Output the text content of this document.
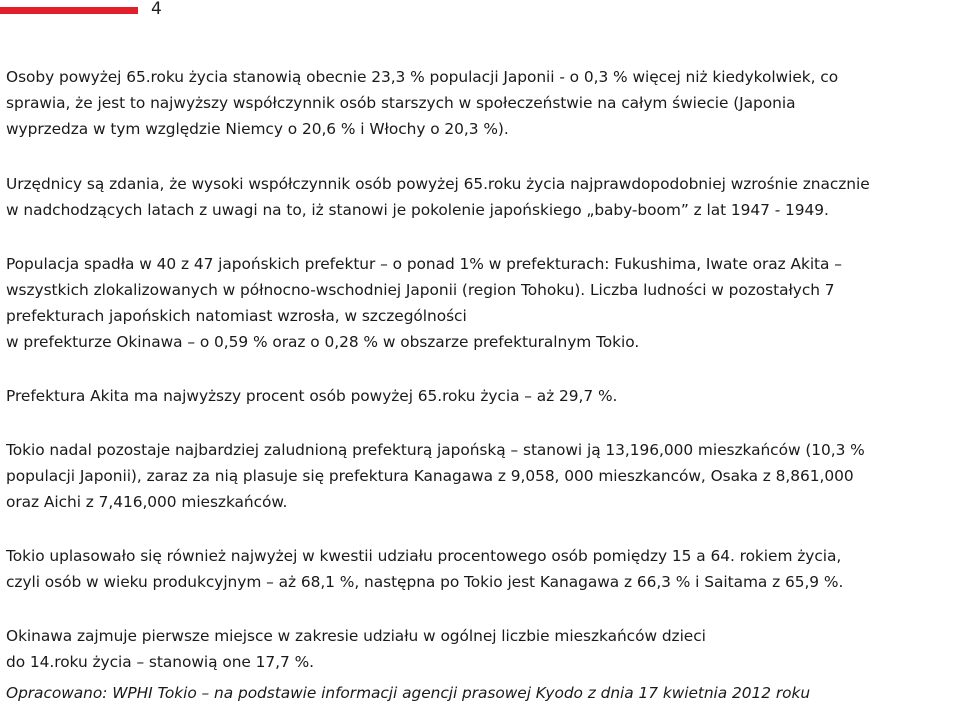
4

Osoby powyżej 65.roku życia stanowią obecnie 23,3 % populacji Japonii - o 0,3 % więcej niż kiedykolwiek, co
sprawia, że jest to najwyższy współczynnik osób starszych w społeczeństwie na całym świecie (Japonia
wyprzedza w tym względzie Niemcy o 20,6 % i Włochy o 20,3 %).

Urzędnicy są zdania, że wysoki współczynnik osób powyżej 65.roku życia najprawdopodobniej wzrośnie znacznie
w nadchodzących latach z uwagi na to, iż stanowi je pokolenie japońskiego „baby-boom” z lat 1947 - 1949.

Populacja spadła w 40 z 47 japońskich prefektur – o ponad 1% w prefekturach: Fukushima, Iwate oraz Akita –
wszystkich zlokalizowanych w północno-wschodniej Japonii (region Tohoku). Liczba ludności w pozostałych 7
prefekturach japońskich natomiast wzrosła, w szczególności
w prefekturze Okinawa – o 0,59 % oraz o 0,28 % w obszarze prefekturalnym Tokio.

Prefektura Akita ma najwyższy procent osób powyżej 65.roku życia – aż 29,7 %.

Tokio nadal pozostaje najbardziej zaludnioną prefekturą japońską – stanowi ją 13,196,000 mieszkańców (10,3 %
populacji Japonii), zaraz za nią plasuje się prefektura Kanagawa z 9,058, 000 mieszkanców, Osaka z 8,861,000
oraz Aichi z 7,416,000 mieszkańców.

Tokio uplasowało się również najwyżej w kwestii udziału procentowego osób pomiędzy 15 a 64. rokiem życia,
czyli osób w wieku produkcyjnym – aż 68,1 %, następna po Tokio jest Kanagawa z 66,3 % i Saitama z 65,9 %.

Okinawa zajmuje pierwsze miejsce w zakresie udziału w ogólnej liczbie mieszkańców dzieci
do 14.roku życia – stanowią one 17,7 %.

Opracowano: WPHI Tokio – na podstawie informacji agencji prasowej Kyodo z dnia 17 kwietnia 2012 roku
